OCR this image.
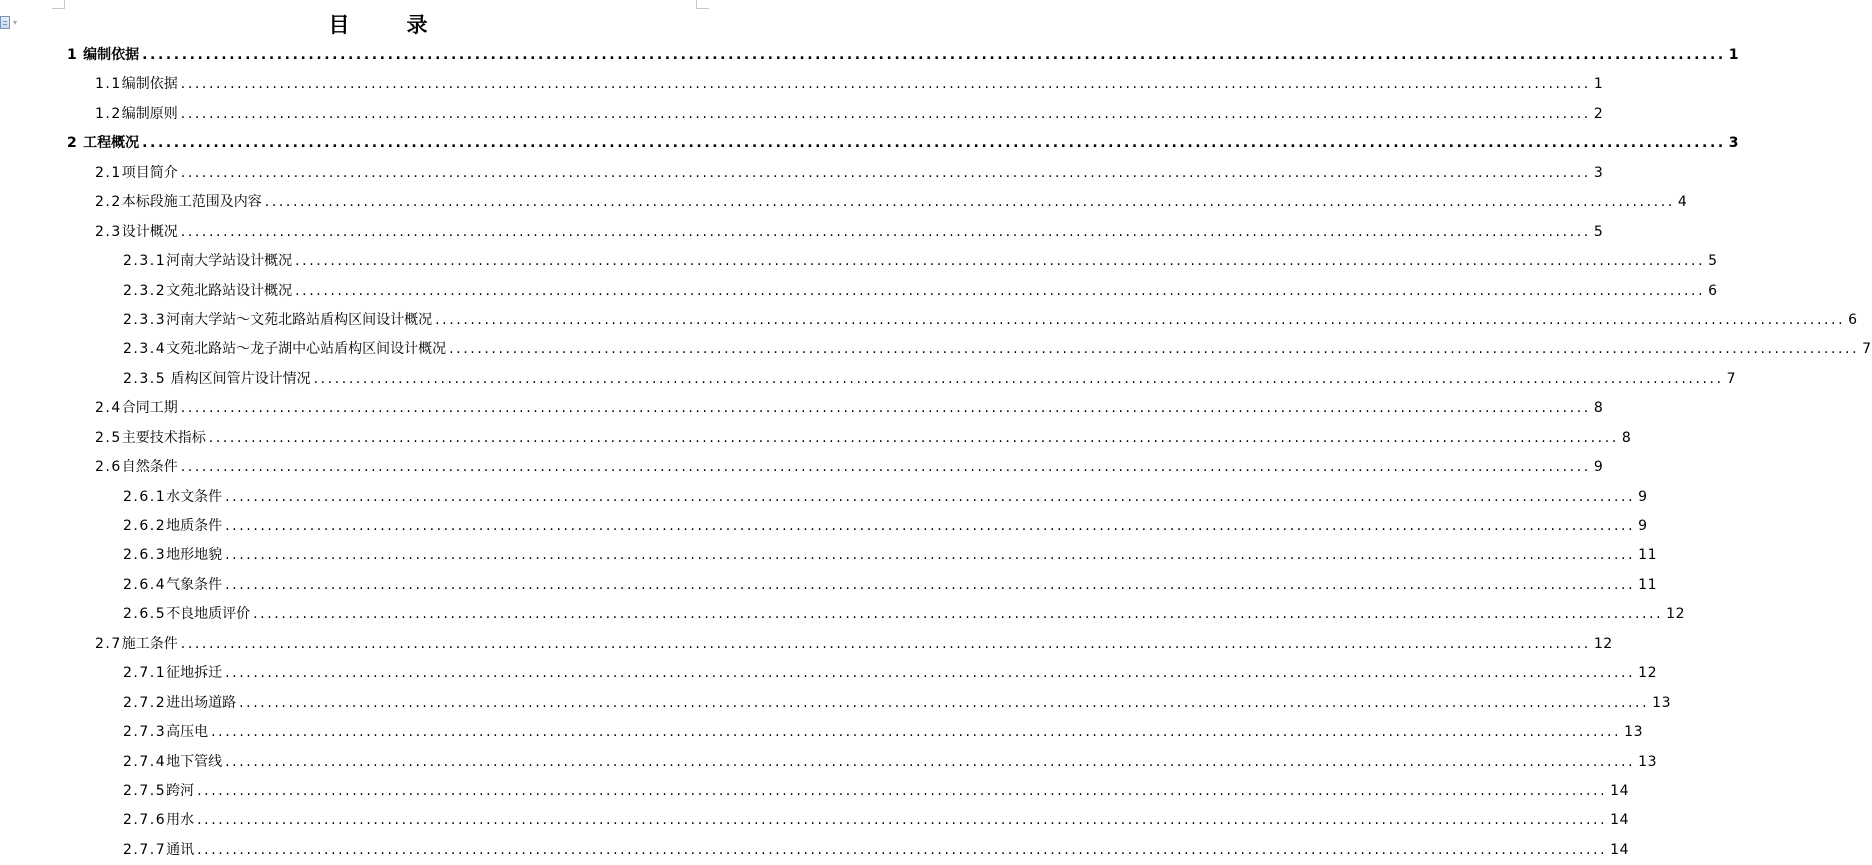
▾	目　录
1 编制依据 ........................................................................................................................................................................................................ 1
1.1编制依据 ........................................................................................................................................................................................................ 1
1.2编制原则 ........................................................................................................................................................................................................ 2
2 工程概况 ........................................................................................................................................................................................................ 3
2.1项目简介 ........................................................................................................................................................................................................ 3
2.2本标段施工范围及内容 ........................................................................................................................................................................................................ 4
2.3设计概况 ........................................................................................................................................................................................................ 5
2.3.1河南大学站设计概况 ........................................................................................................................................................................................................ 5
2.3.2文苑北路站设计概况 ........................................................................................................................................................................................................ 6
2.3.3河南大学站～文苑北路站盾构区间设计概况 ........................................................................................................................................................................................................ 6
2.3.4文苑北路站～龙子湖中心站盾构区间设计概况 ........................................................................................................................................................................................................ 7
2.3.5 盾构区间管片设计情况 ........................................................................................................................................................................................................ 7
2.4合同工期 ........................................................................................................................................................................................................ 8
2.5主要技术指标 ........................................................................................................................................................................................................ 8
2.6自然条件 ........................................................................................................................................................................................................ 9
2.6.1水文条件 ........................................................................................................................................................................................................ 9
2.6.2地质条件 ........................................................................................................................................................................................................ 9
2.6.3地形地貌 ........................................................................................................................................................................................................ 11
2.6.4气象条件 ........................................................................................................................................................................................................ 11
2.6.5不良地质评价 ........................................................................................................................................................................................................ 12
2.7施工条件 ........................................................................................................................................................................................................ 12
2.7.1征地拆迁 ........................................................................................................................................................................................................ 12
2.7.2进出场道路 ........................................................................................................................................................................................................ 13
2.7.3高压电 ........................................................................................................................................................................................................ 13
2.7.4地下管线 ........................................................................................................................................................................................................ 13
2.7.5跨河 ........................................................................................................................................................................................................ 14
2.7.6用水 ........................................................................................................................................................................................................ 14
2.7.7通讯 ........................................................................................................................................................................................................ 14
